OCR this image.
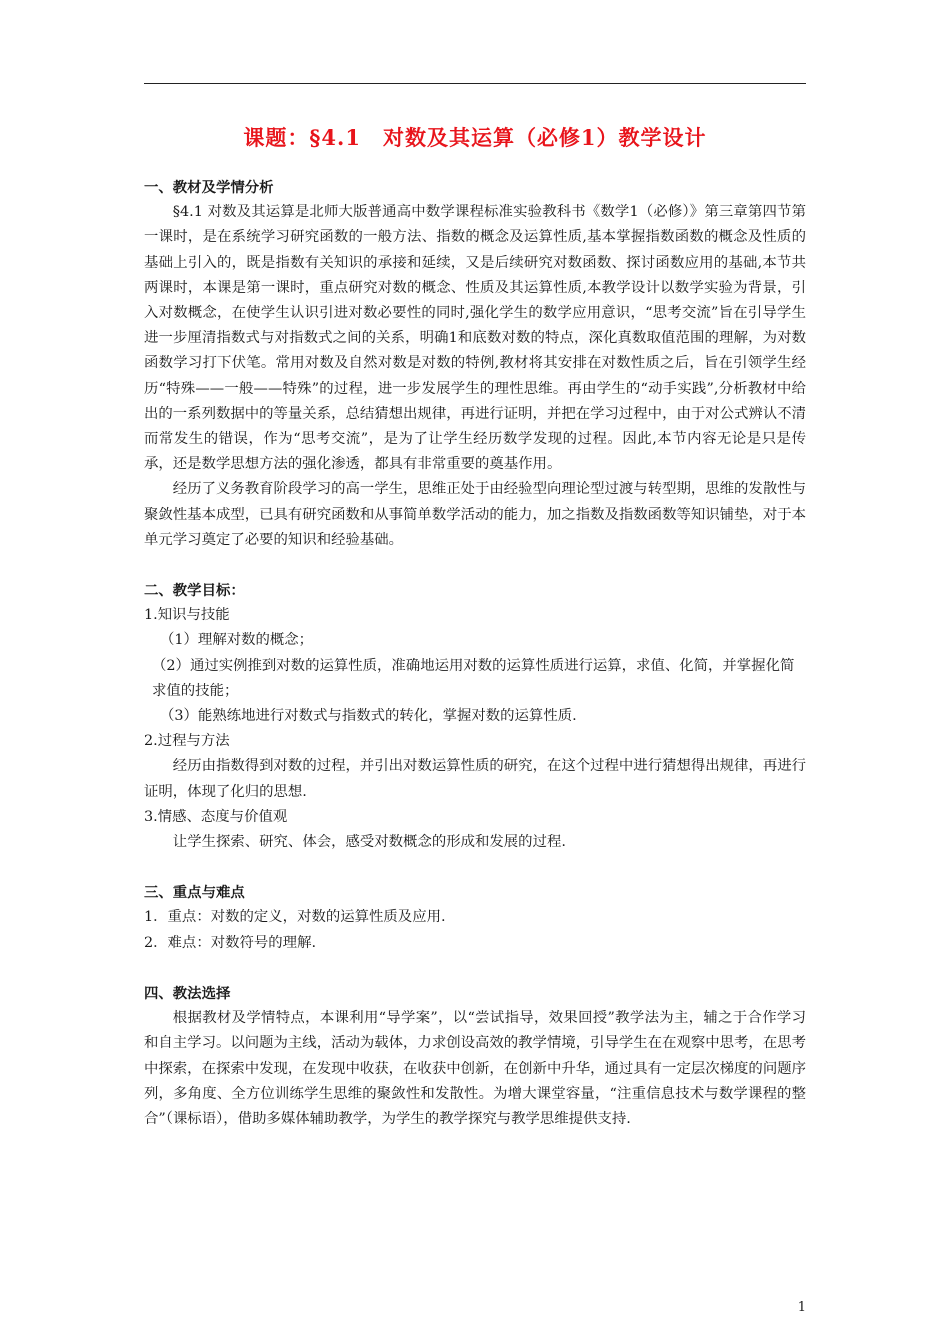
课题：§4.1　对数及其运算（必修1）教学设计

一、教材及学情分析

§4.1 对数及其运算是北师大版普通高中数学课程标准实验教科书《数学1（必修）》第三章第四节第一课时，是在系统学习研究函数的一般方法、指数的概念及运算性质,基本掌握指数函数的概念及性质的基础上引入的，既是指数有关知识的承接和延续，又是后续研究对数函数、探讨函数应用的基础,本节共两课时，本课是第一课时，重点研究对数的概念、性质及其运算性质,本教学设计以数学实验为背景，引入对数概念，在使学生认识引进对数必要性的同时,强化学生的数学应用意识，“思考交流”旨在引导学生进一步厘清指数式与对指数式之间的关系，明确1和底数对数的特点，深化真数取值范围的理解，为对数函数学习打下伏笔。常用对数及自然对数是对数的特例,教材将其安排在对数性质之后，旨在引领学生经历“特殊——一般——特殊”的过程，进一步发展学生的理性思维。再由学生的“动手实践”,分析教材中给出的一系列数据中的等量关系，总结猜想出规律，再进行证明，并把在学习过程中，由于对公式辨认不清而常发生的错误，作为“思考交流”，是为了让学生经历数学发现的过程。因此,本节内容无论是只是传承，还是数学思想方法的强化渗透，都具有非常重要的奠基作用。

经历了义务教育阶段学习的高一学生，思维正处于由经验型向理论型过渡与转型期，思维的发散性与聚敛性基本成型，已具有研究函数和从事简单数学活动的能力，加之指数及指数函数等知识铺垫，对于本单元学习奠定了必要的知识和经验基础。

二、教学目标：

1.知识与技能

（1）理解对数的概念；

（2）通过实例推到对数的运算性质，准确地运用对数的运算性质进行运算，求值、化简，并掌握化简求值的技能；

（3）能熟练地进行对数式与指数式的转化，掌握对数的运算性质.

2.过程与方法

经历由指数得到对数的过程，并引出对数运算性质的研究，在这个过程中进行猜想得出规律，再进行证明，体现了化归的思想.

3.情感、态度与价值观

让学生探索、研究、体会，感受对数概念的形成和发展的过程.

三、重点与难点

1．重点：对数的定义，对数的运算性质及应用.

2．难点：对数符号的理解.

四、教法选择

根据教材及学情特点，本课利用“导学案”，以“尝试指导，效果回授”教学法为主，辅之于合作学习和自主学习。以问题为主线，活动为载体，力求创设高效的教学情境，引导学生在在观察中思考，在思考中探索，在探索中发现，在发现中收获，在收获中创新，在创新中升华，通过具有一定层次梯度的问题序列，多角度、全方位训练学生思维的聚敛性和发散性。为增大课堂容量，“注重信息技术与数学课程的整合”（课标语），借助多媒体辅助教学，为学生的教学探究与教学思维提供支持.

1
